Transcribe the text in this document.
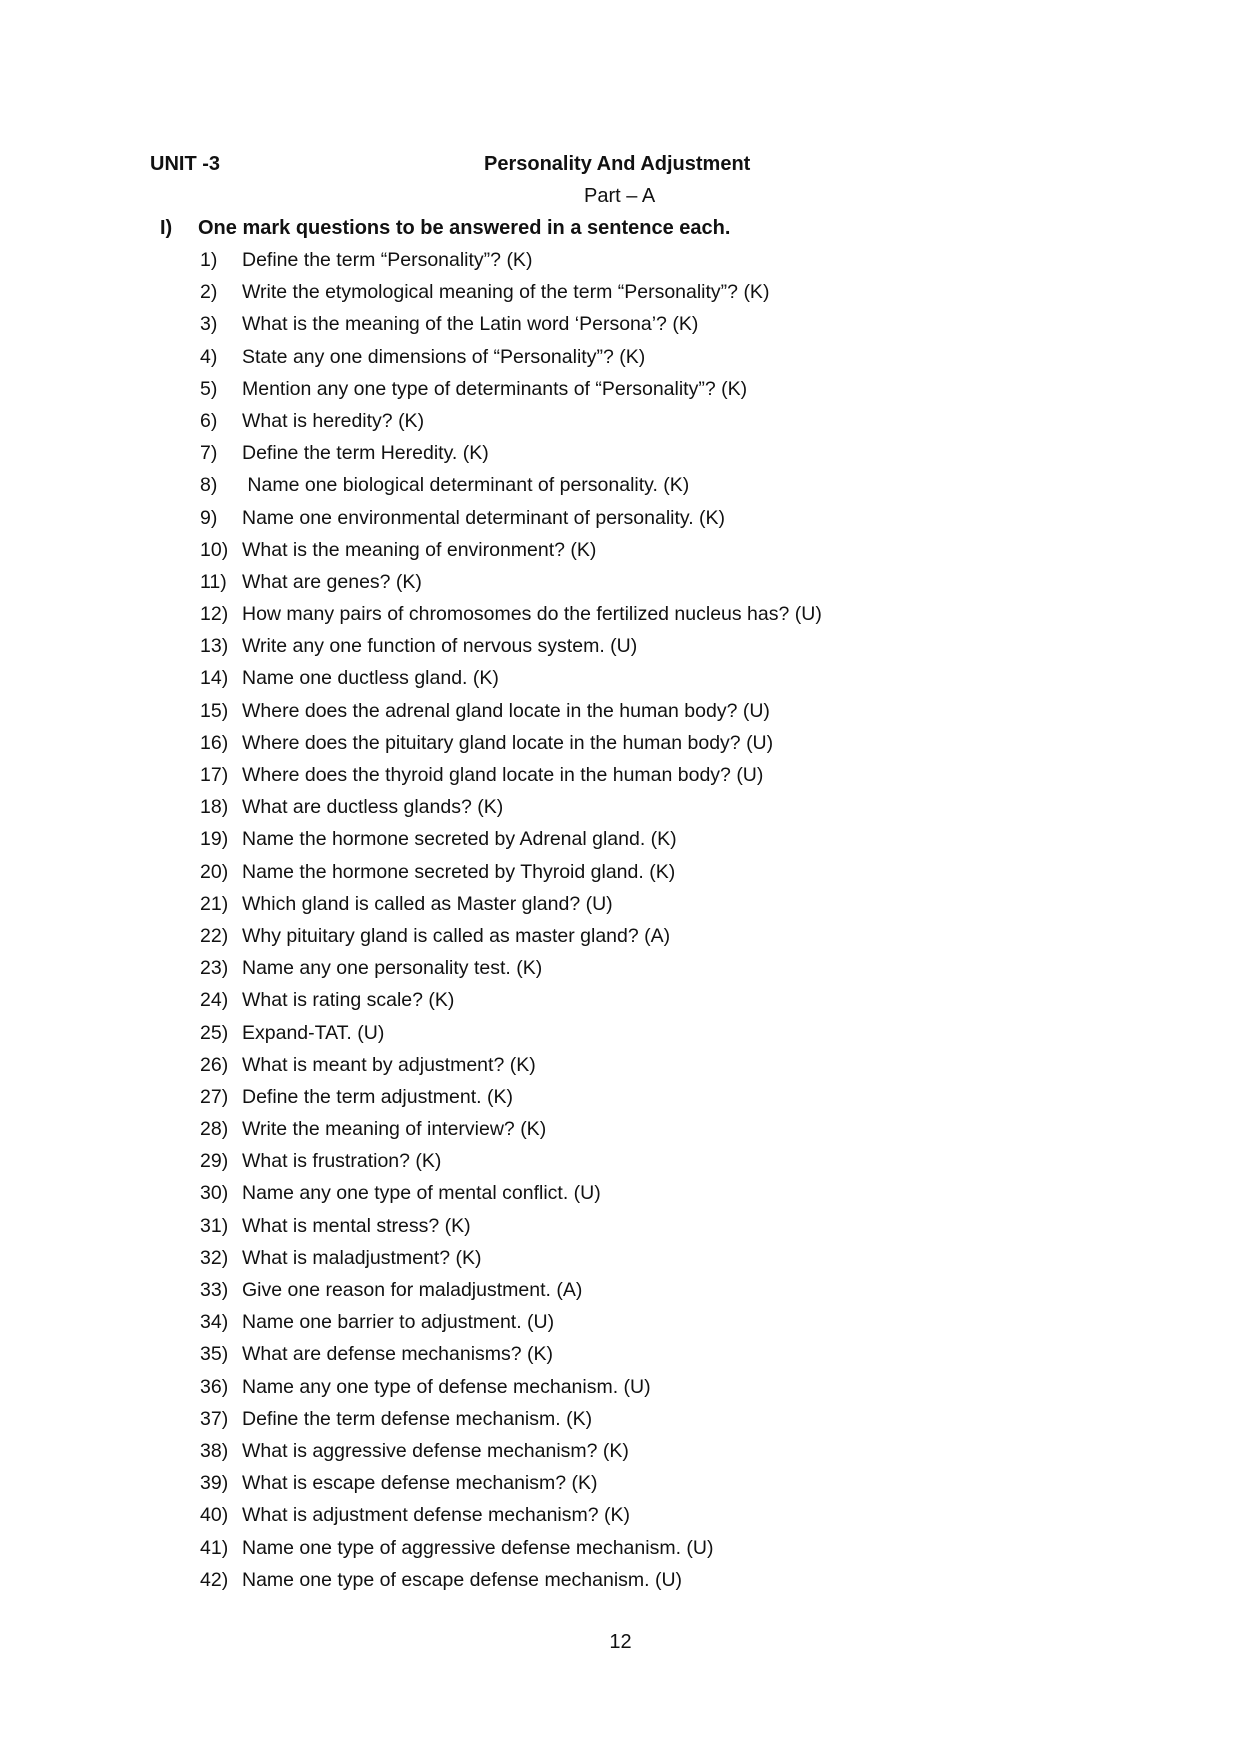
UNIT -3	Personality And Adjustment
Part – A
I) One mark questions to be answered in a sentence each.
1) Define the term “Personality”? (K)
2) Write the etymological meaning of the term “Personality”? (K)
3) What is the meaning of the Latin word ‘Persona’? (K)
4) State any one dimensions of “Personality”? (K)
5) Mention any one type of determinants of “Personality”? (K)
6) What is heredity? (K)
7) Define the term Heredity. (K)
8) Name one biological determinant of personality. (K)
9) Name one environmental determinant of personality. (K)
10) What is the meaning of environment? (K)
11) What are genes? (K)
12) How many pairs of chromosomes do the fertilized nucleus has? (U)
13) Write any one function of nervous system. (U)
14) Name one ductless gland. (K)
15) Where does the adrenal gland locate in the human body? (U)
16) Where does the pituitary gland locate in the human body? (U)
17) Where does the thyroid gland locate in the human body? (U)
18) What are ductless glands? (K)
19) Name the hormone secreted by Adrenal gland. (K)
20) Name the hormone secreted by Thyroid gland. (K)
21) Which gland is called as Master gland? (U)
22) Why pituitary gland is called as master gland? (A)
23) Name any one personality test. (K)
24) What is rating scale? (K)
25) Expand-TAT. (U)
26) What is meant by adjustment? (K)
27) Define the term adjustment. (K)
28) Write the meaning of interview? (K)
29) What is frustration? (K)
30) Name any one type of mental conflict. (U)
31) What is mental stress? (K)
32) What is maladjustment? (K)
33) Give one reason for maladjustment. (A)
34) Name one barrier to adjustment. (U)
35) What are defense mechanisms? (K)
36) Name any one type of defense mechanism. (U)
37) Define the term defense mechanism. (K)
38) What is aggressive defense mechanism? (K)
39) What is escape defense mechanism? (K)
40) What is adjustment defense mechanism? (K)
41) Name one type of aggressive defense mechanism. (U)
42) Name one type of escape defense mechanism. (U)
12
